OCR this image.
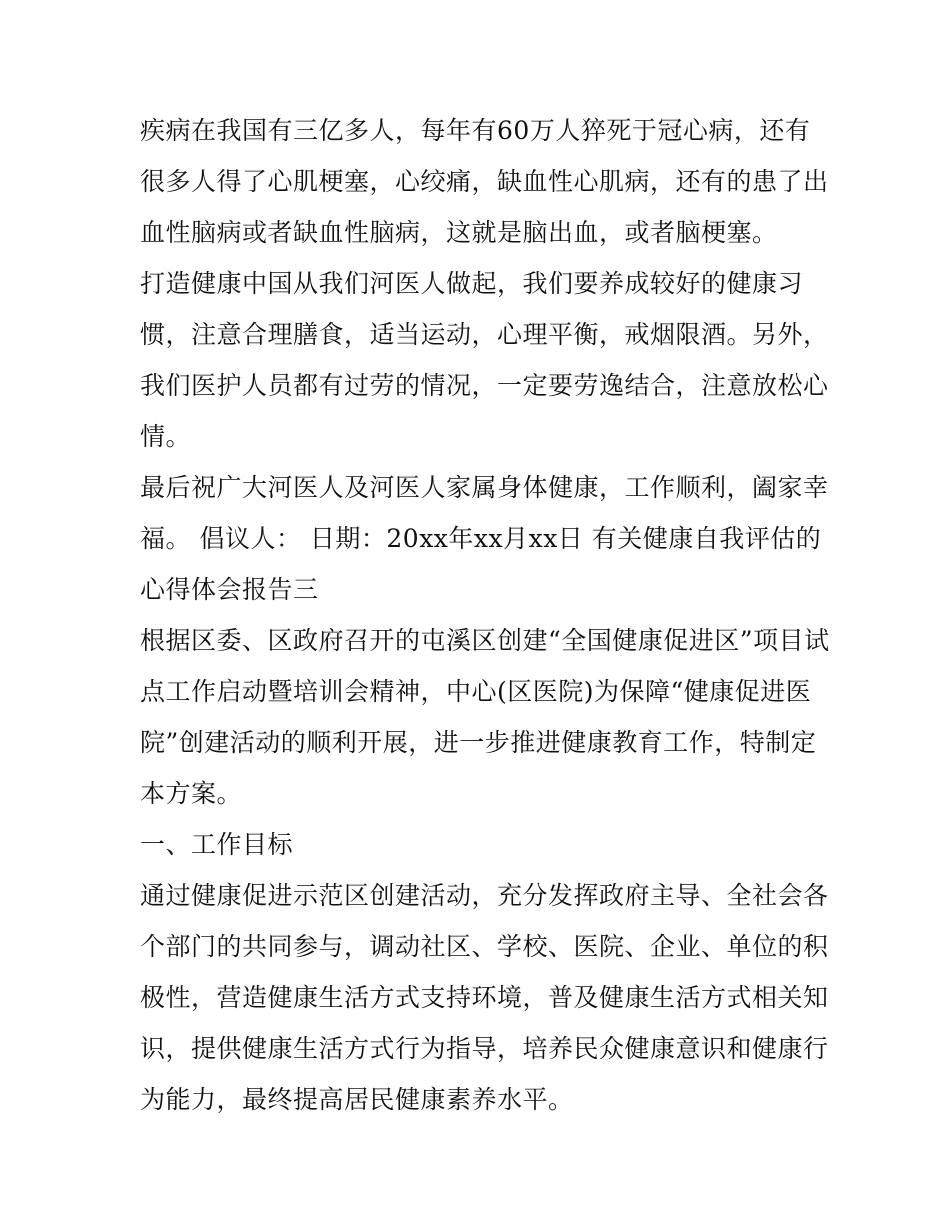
疾病在我国有三亿多人，每年有60万人猝死于冠心病，还有
很多人得了心肌梗塞，心绞痛，缺血性心肌病，还有的患了出
血性脑病或者缺血性脑病，这就是脑出血，或者脑梗塞。
打造健康中国从我们河医人做起，我们要养成较好的健康习
惯，注意合理膳食，适当运动，心理平衡，戒烟限酒。另外，
我们医护人员都有过劳的情况，一定要劳逸结合，注意放松心
情。
最后祝广大河医人及河医人家属身体健康，工作顺利，阖家幸
福。 倡议人： 日期：20xx年xx月xx日 有关健康自我评估的
心得体会报告三
根据区委、区政府召开的屯溪区创建“全国健康促进区”项目试
点工作启动暨培训会精神，中心(区医院)为保障“健康促进医
院”创建活动的顺利开展，进一步推进健康教育工作，特制定
本方案。
一、工作目标
通过健康促进示范区创建活动，充分发挥政府主导、全社会各
个部门的共同参与，调动社区、学校、医院、企业、单位的积
极性，营造健康生活方式支持环境，普及健康生活方式相关知
识，提供健康生活方式行为指导，培养民众健康意识和健康行
为能力，最终提高居民健康素养水平。
